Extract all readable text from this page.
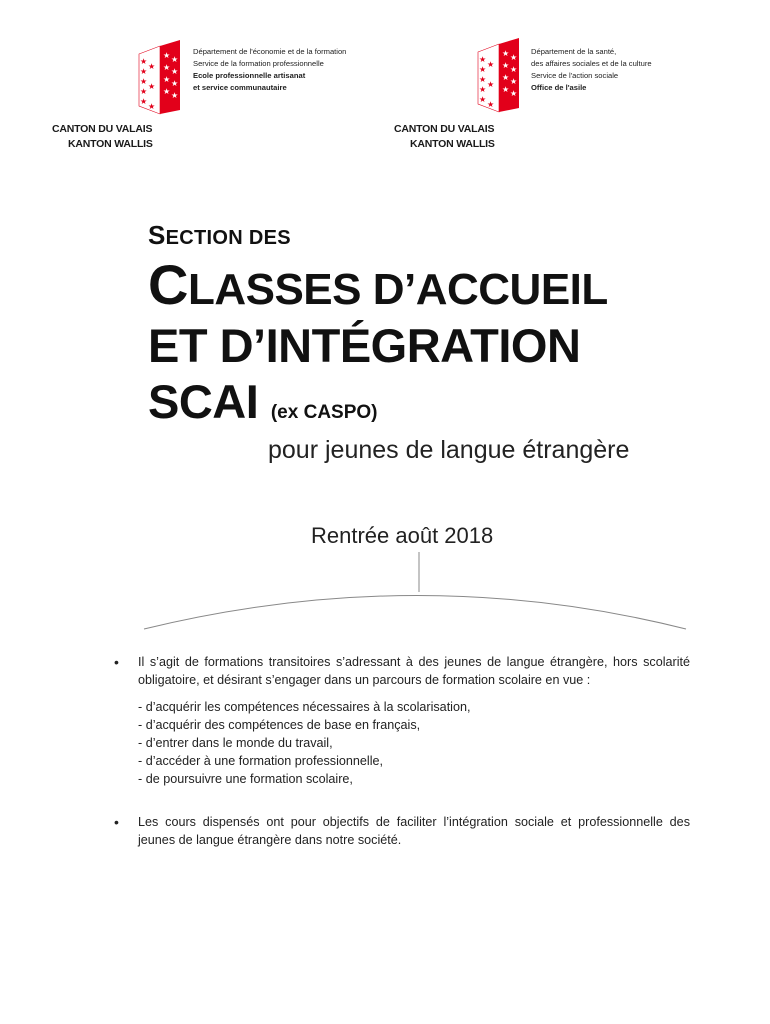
★
★
★
★
★
★
★
★
★ ★
★ ★
★ ★
★ ★
Département de l'économie et de la formation
Service de la formation professionnelle
Ecole professionnelle artisanat
et service communautaire
CANTON DU VALAIS
KANTON WALLIS
★
★
★
★
★
★
★
★
★ ★
★ ★
★ ★
★ ★
Département de la santé,
des affaires sociales et de la culture
Service de l'action sociale
Office de l'asile
CANTON DU VALAIS
KANTON WALLIS
SECTION DES
CLASSES D’ACCUEIL
ET D’INTÉGRATION
SCAI (ex CASPO)
pour jeunes de langue étrangère
Rentrée août 2018
• Il s’agit de formations transitoires s’adressant à des jeunes de langue étrangère, hors scolarité obligatoire, et désirant s’engager dans un parcours de formation scolaire en vue :
- d’acquérir les compétences nécessaires à la scolarisation,
- d’acquérir des compétences de base en français,
- d’entrer dans le monde du travail,
- d’accéder à une formation professionnelle,
- de poursuivre une formation scolaire,
• Les cours dispensés ont pour objectifs de faciliter l’intégration sociale et professionnelle des jeunes de langue étrangère dans notre société.
